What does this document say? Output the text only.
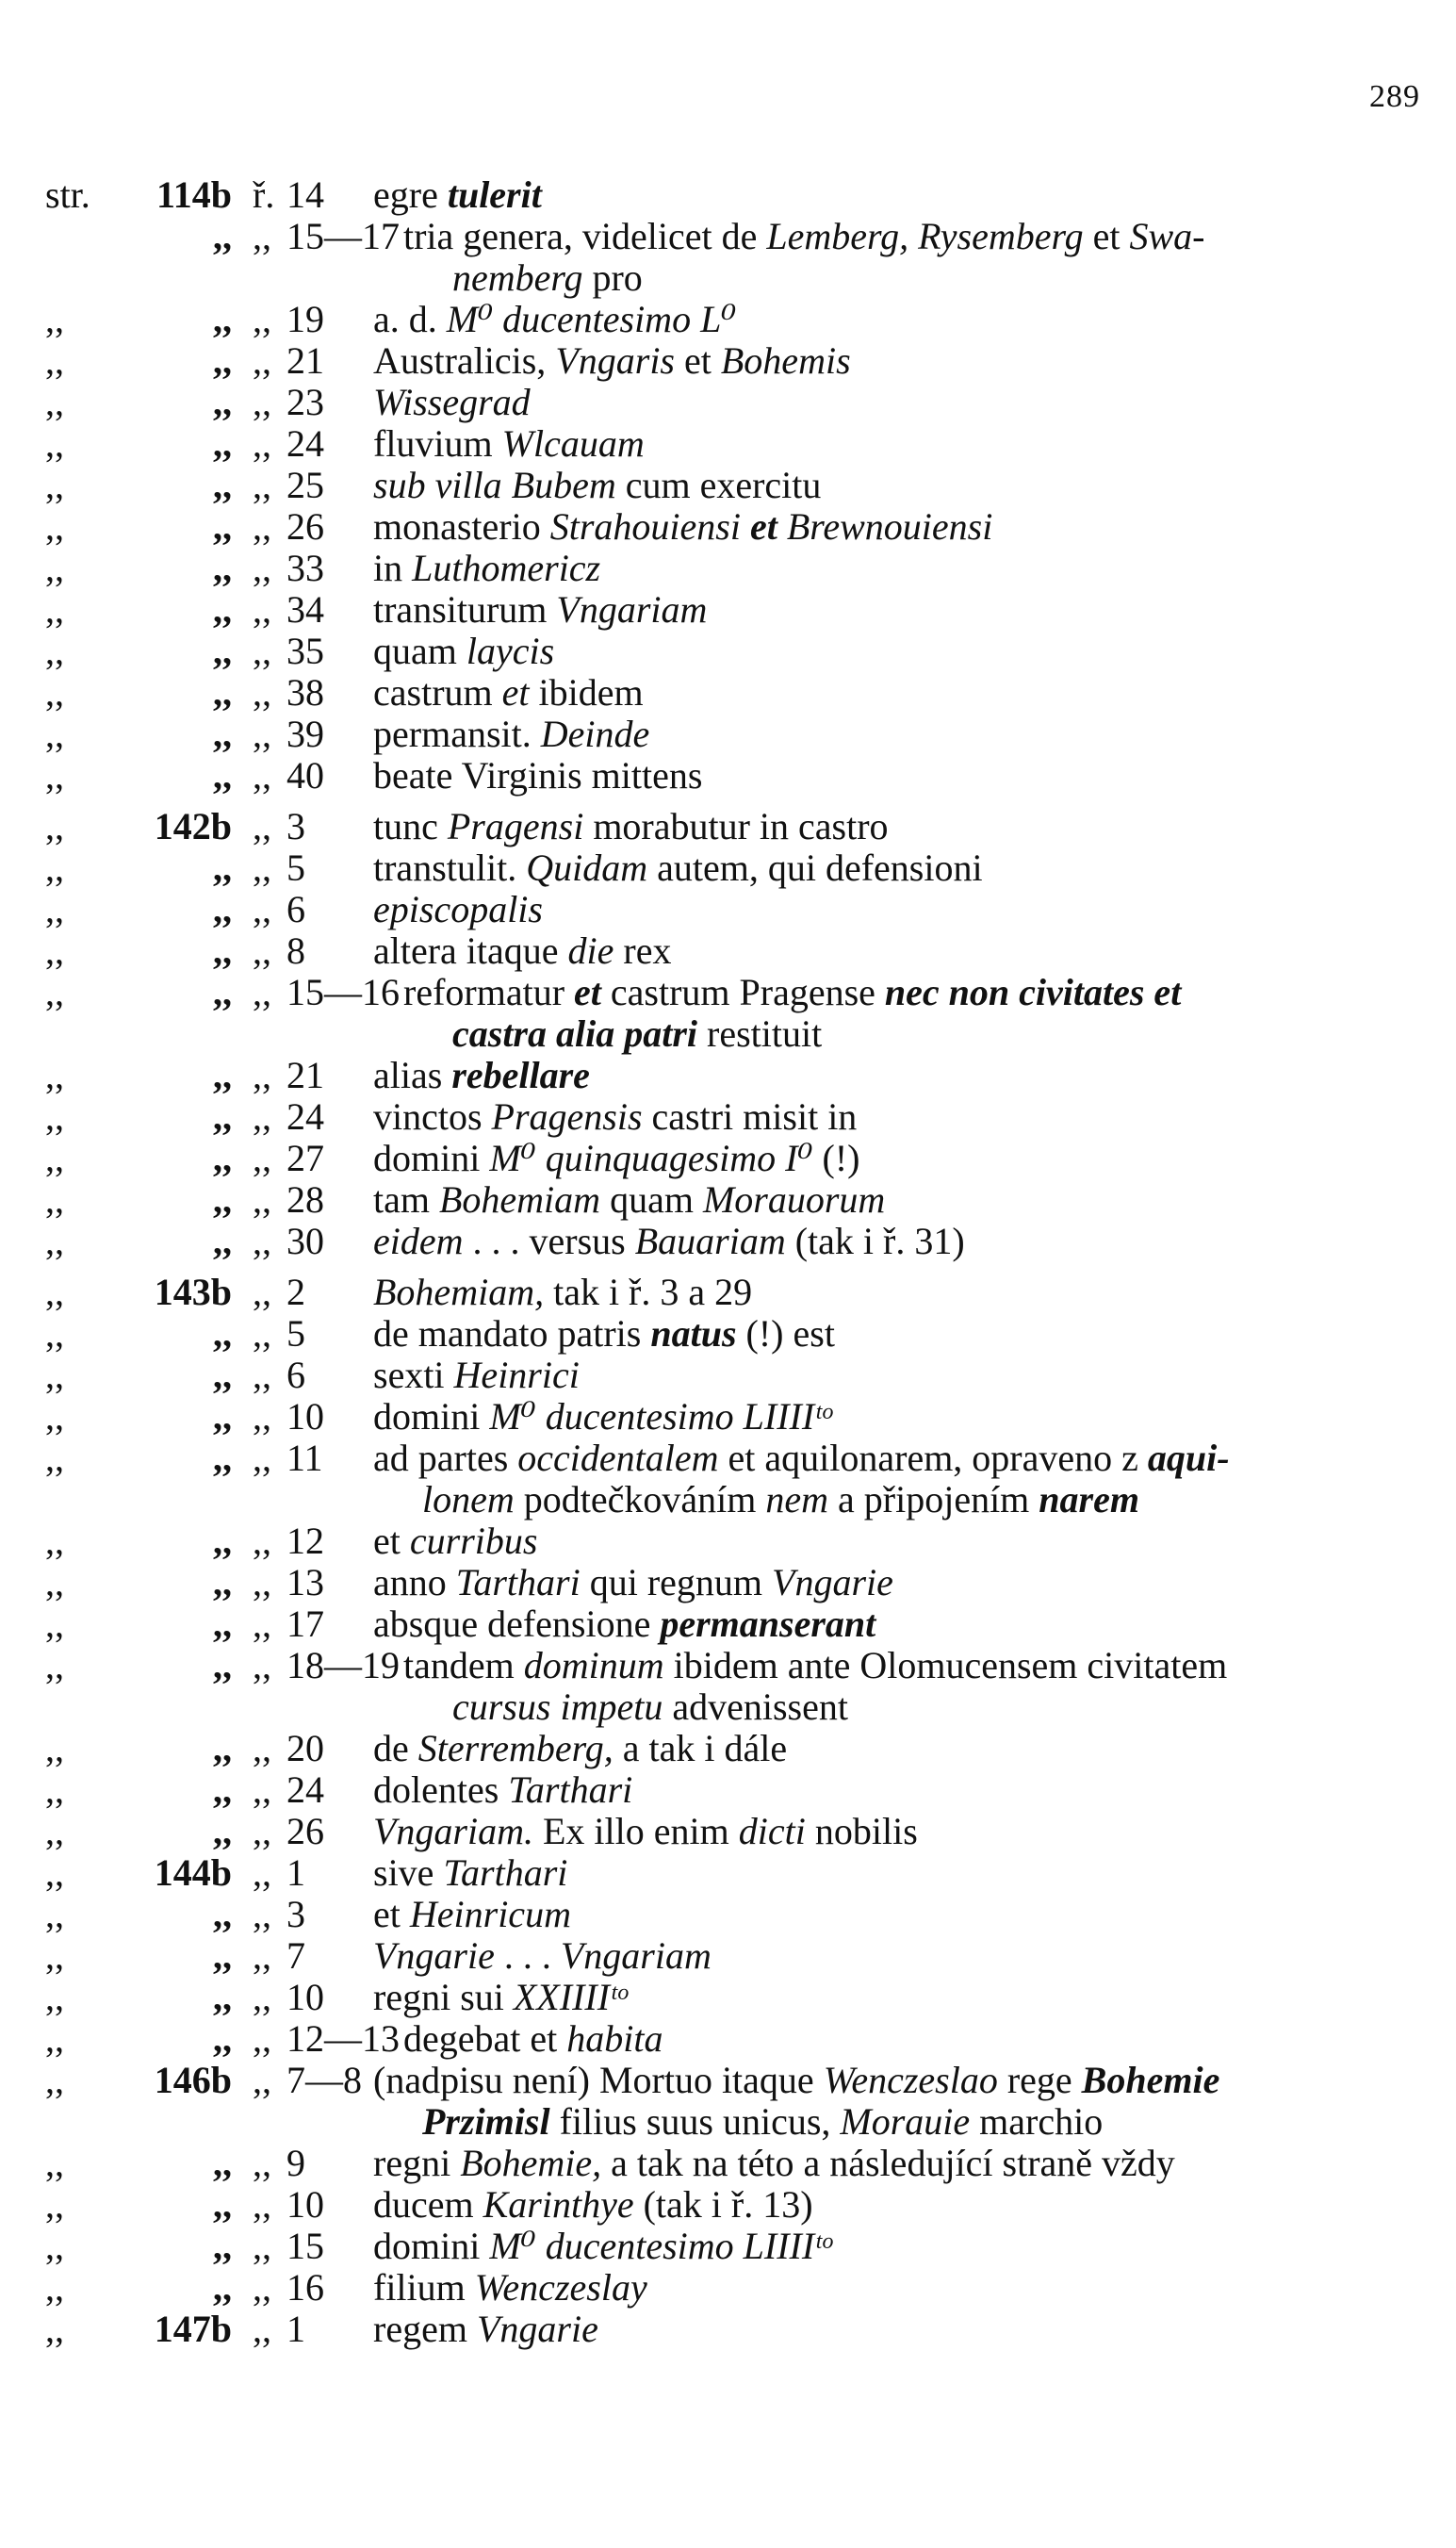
289
str.	114b ř. 14	egre tulerit
,, ,, 15—17 tria genera, videlicet de Lemberg, Rysemberg et Swa-
nemberg pro
,,	,, ,, 19	a. d. M⁰ ducentesimo L⁰
,,	,, ,, 21	Australicis, Vngaris et Bohemis
,,	,, ,, 23	Wissegrad
,,	,, ,, 24	fluvium Wlcauam
,,	,, ,, 25	sub villa Bubem cum exercitu
,,	,, ,, 26	monasterio Strahouiensi et Brewnouiensi
,,	,, ,, 33	in Luthomericz
,,	,, ,, 34	transiturum Vngariam
,,	,, ,, 35	quam laycis
,,	,, ,, 38	castrum et ibidem
,,	,, ,, 39	permansit. Deinde
,,	,, ,, 40	beate Virginis mittens
,,	142b ,, 3	tunc Pragensi morabutur in castro
,,	,, ,, 5	transtulit. Quidam autem, qui defensioni
,,	,, ,, 6	episcopalis
,,	,, ,, 8	altera itaque die rex
,,	,, ,, 15—16 reformatur et castrum Pragense nec non civitates et
castra alia patri restituit
,,	,, ,, 21	alias rebellare
,,	,, ,, 24	vinctos Pragensis castri misit in
,,	,, ,, 27	domini M⁰ quinquagesimo I⁰ (!)
,,	,, ,, 28	tam Bohemiam quam Morauorum
,,	,, ,, 30	eidem . . . versus Bauariam (tak i ř. 31)
,,	143b ,, 2	Bohemiam, tak i ř. 3 a 29
,,	,, ,, 5	de mandato patris natus (!) est
,,	,, ,, 6	sexti Heinrici
,,	,, ,, 10	domini M⁰ ducentesimo LIIIIᵗᵒ
,,	,, ,, 11	ad partes occidentalem et aquilonarem, opraveno z aqui-
lonem podtečkováním nem a připojením narem
,,	,, ,, 12	et curribus
,,	,, ,, 13	anno Tarthari qui regnum Vngarie
,,	,, ,, 17	absque defensione permanserant
,,	,, ,, 18—19 tandem dominum ibidem ante Olomucensem civitatem
cursus impetu advenissent
,,	,, ,, 20	de Sterremberg, a tak i dále
,,	,, ,, 24	dolentes Tarthari
,,	,, ,, 26	Vngariam. Ex illo enim dicti nobilis
,,	144b ,, 1	sive Tarthari
,,	,, ,, 3	et Heinricum
,,	,, ,, 7	Vngarie . . . Vngariam
,,	,, ,, 10	regni sui XXIIIIᵗᵒ
,,	,, ,, 12—13 degebat et habita
,,	146b ,, 7—8 (nadpisu není) Mortuo itaque Wenczeslao rege Bohemie
Przimisl filius suus unicus, Morauie marchio
,,	,, ,, 9	regni Bohemie, a tak na této a následující straně vždy
,,	,, ,, 10	ducem Karinthye (tak i ř. 13)
,,	,, ,, 15	domini M⁰ ducentesimo LIIIIᵗᵒ
,,	,, ,, 16	filium Wenczeslay
,,	147b ,, 1	regem Vngarie
